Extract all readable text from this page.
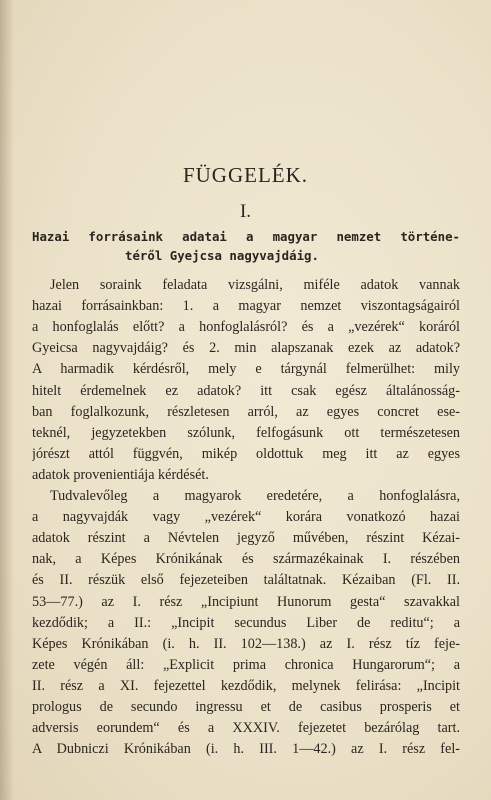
FÜGGELÉK.
I.
Hazai forrásaink adatai a magyar nemzet történe-
téről Gyejcsa nagyvajdáig.
Jelen soraink feladata vizsgálni, miféle adatok vannak
hazai forrásainkban: 1. a magyar nemzet viszontagságairól
a honfoglalás előtt? a honfoglalásról? és a „vezérek“ koráról
Gyeicsa nagyvajdáig? és 2. min alapszanak ezek az adatok?
A harmadik kérdésről, mely e tárgynál felmerülhet: mily
hitelt érdemelnek ez adatok? itt csak egész általánosság-
ban foglalkozunk, részletesen arról, az egyes concret ese-
teknél, jegyzetekben szólunk, felfogásunk ott természetesen
jórészt attól függvén, mikép oldottuk meg itt az egyes
adatok provenientiája kérdését.
Tudvalevőleg a magyarok eredetére, a honfoglalásra,
a nagyvajdák vagy „vezérek“ korára vonatkozó hazai
adatok részint a Névtelen jegyző művében, részint Kézai-
nak, a Képes Krónikának és származékainak I. részében
és II. részük első fejezeteiben találtatnak. Kézaiban (Fl. II.
53—77.) az I. rész „Incipiunt Hunorum gesta“ szavakkal
kezdődik; a II.: „Incipit secundus Liber de reditu“; a
Képes Krónikában (i. h. II. 102—138.) az I. rész tíz feje-
zete végén áll: „Explicit prima chronica Hungarorum“; a
II. rész a XI. fejezettel kezdődik, melynek felirása: „Incipit
prologus de secundo ingressu et de casibus prosperis et
adversis eorundem“ és a XXXIV. fejezetet bezárólag tart.
A Dubniczi Krónikában (i. h. III. 1—42.) az I. rész fel-
